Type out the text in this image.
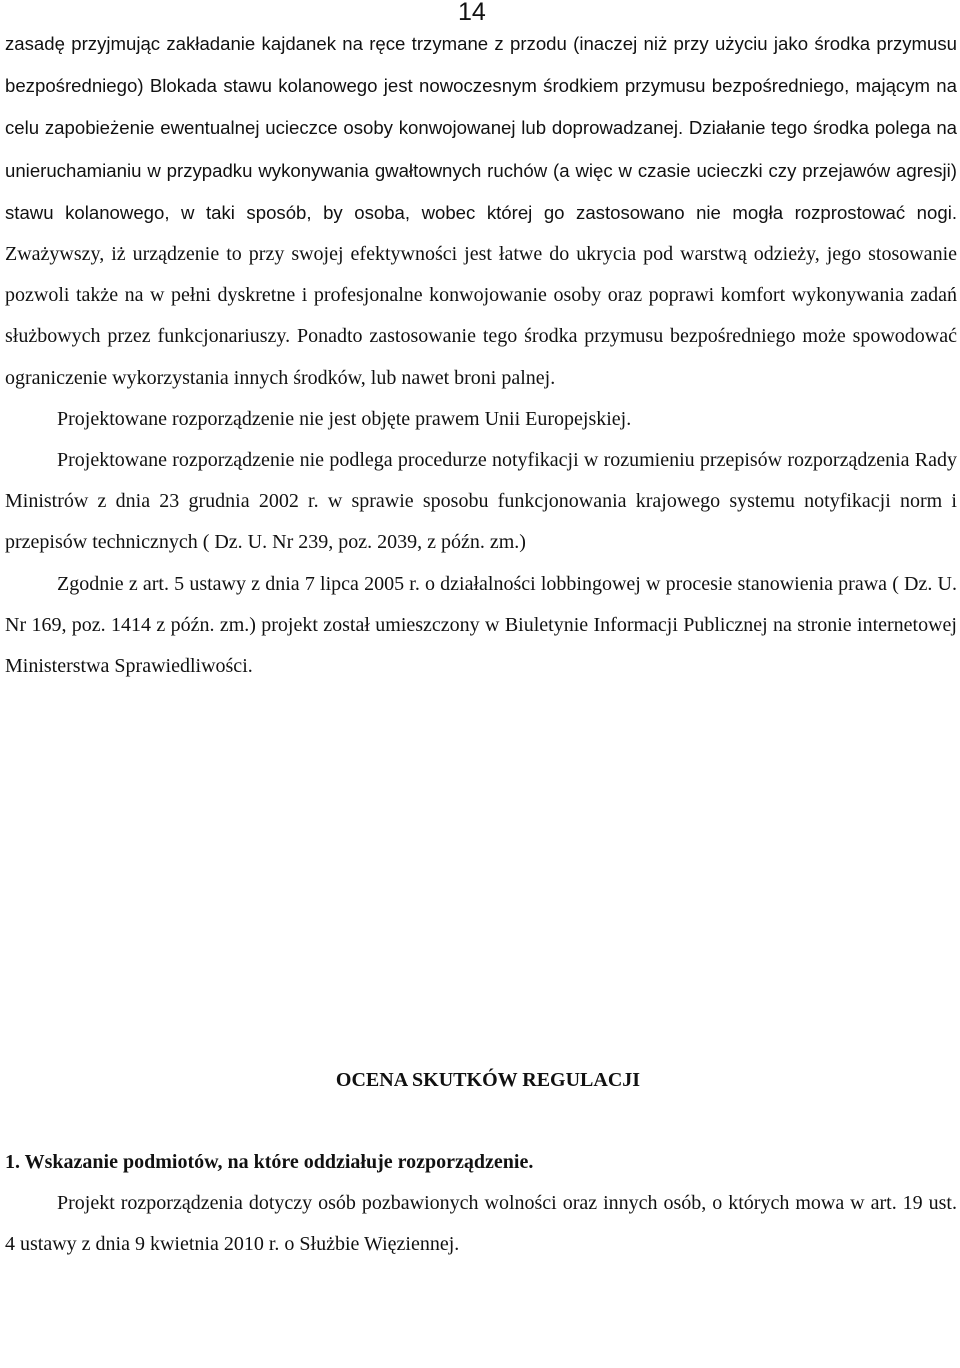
14

zasadę przyjmując zakładanie kajdanek na ręce trzymane z przodu (inaczej niż przy użyciu jako środka przymusu bezpośredniego) Blokada stawu kolanowego jest nowoczesnym środkiem przymusu bezpośredniego, mającym na celu zapobieżenie ewentualnej ucieczce osoby konwojowanej lub doprowadzanej. Działanie tego środka polega na unieruchamianiu w przypadku wykonywania gwałtownych ruchów (a więc w czasie ucieczki czy przejawów agresji) stawu kolanowego, w taki sposób, by osoba, wobec której go zastosowano nie mogła rozprostować nogi. Zważywszy, iż urządzenie to przy swojej efektywności jest łatwe do ukrycia pod warstwą odzieży, jego stosowanie pozwoli także na w pełni dyskretne i profesjonalne konwojowanie osoby oraz poprawi komfort wykonywania zadań służbowych przez funkcjonariuszy. Ponadto zastosowanie tego środka przymusu bezpośredniego może spowodować ograniczenie wykorzystania innych środków, lub nawet broni palnej.

Projektowane rozporządzenie nie jest objęte prawem Unii Europejskiej.

Projektowane rozporządzenie nie podlega procedurze notyfikacji w rozumieniu przepisów rozporządzenia Rady Ministrów z dnia 23 grudnia 2002 r. w sprawie sposobu funkcjonowania krajowego systemu notyfikacji norm i przepisów technicznych ( Dz. U. Nr 239, poz. 2039, z późn. zm.)

Zgodnie z art. 5 ustawy z dnia 7 lipca 2005 r. o działalności lobbingowej w procesie stanowienia prawa ( Dz. U. Nr 169, poz. 1414 z późn. zm.) projekt został umieszczony w Biuletynie Informacji Publicznej na stronie internetowej Ministerstwa Sprawiedliwości.

OCENA SKUTKÓW REGULACJI

1. Wskazanie podmiotów, na które oddziałuje rozporządzenie.

Projekt rozporządzenia dotyczy osób pozbawionych wolności oraz innych osób, o których mowa w art. 19 ust. 4 ustawy z dnia 9 kwietnia 2010 r. o Służbie Więziennej.
